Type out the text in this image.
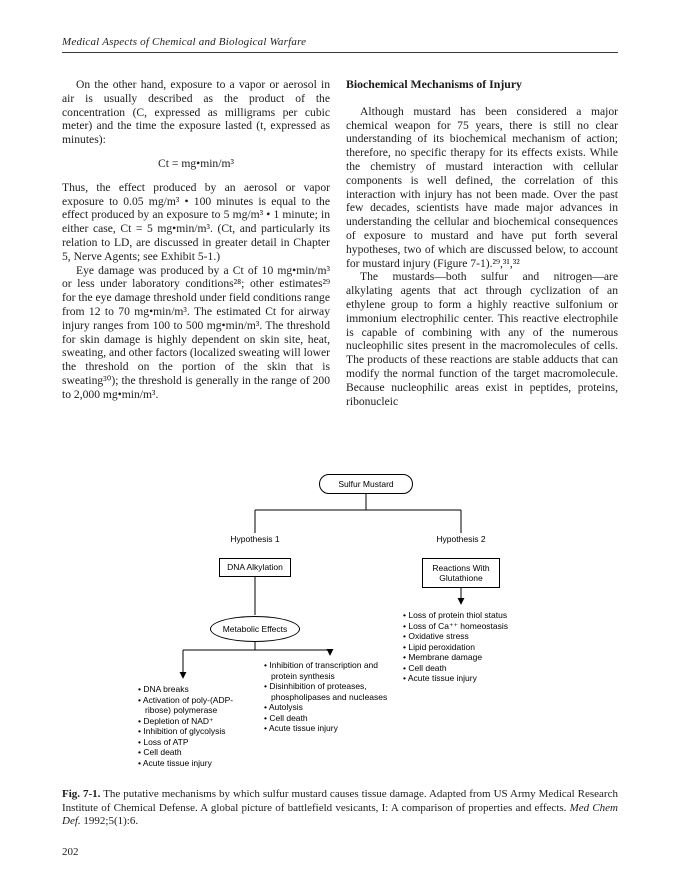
Medical Aspects of Chemical and Biological Warfare

On the other hand, exposure to a vapor or aerosol in air is usually described as the product of the concentration (C, expressed as milligrams per cubic meter) and the time the exposure lasted (t, expressed as minutes):

Ct = mg•min/m³

Thus, the effect produced by an aerosol or vapor exposure to 0.05 mg/m³ • 100 minutes is equal to the effect produced by an exposure to 5 mg/m³ • 1 minute; in either case, Ct = 5 mg•min/m³. (Ct, and particularly its relation to LD, are discussed in greater detail in Chapter 5, Nerve Agents; see Exhibit 5-1.)

Eye damage was produced by a Ct of 10 mg•min/m³ or less under laboratory conditions²⁸; other estimates²⁹ for the eye damage threshold under field conditions range from 12 to 70 mg•min/m³. The estimated Ct for airway injury ranges from 100 to 500 mg•min/m³. The threshold for skin damage is highly dependent on skin site, heat, sweating, and other factors (localized sweating will lower the threshold on the portion of the skin that is sweating³⁰); the threshold is generally in the range of 200 to 2,000 mg•min/m³.

Biochemical Mechanisms of Injury

Although mustard has been considered a major chemical weapon for 75 years, there is still no clear understanding of its biochemical mechanism of action; therefore, no specific therapy for its effects exists. While the chemistry of mustard interaction with cellular components is well defined, the correlation of this interaction with injury has not been made. Over the past few decades, scientists have made major advances in understanding the cellular and biochemical consequences of exposure to mustard and have put forth several hypotheses, two of which are discussed below, to account for mustard injury (Figure 7-1).²⁹,³¹,³²

The mustards—both sulfur and nitrogen—are alkylating agents that act through cyclization of an ethylene group to form a highly reactive sulfonium or immonium electrophilic center. This reactive electrophile is capable of combining with any of the numerous nucleophilic sites present in the macromolecules of cells. The products of these reactions are stable adducts that can modify the normal function of the target macromolecule. Because nucleophilic areas exist in peptides, proteins, ribonucleic

Sulfur Mustard
Hypothesis 1
DNA Alkylation
Hypothesis 2
Reactions With Glutathione
Metabolic Effects
• Loss of protein thiol status
• Loss of Ca⁺⁺ homeostasis
• Oxidative stress
• Lipid peroxidation
• Membrane damage
• Cell death
• Acute tissue injury
• DNA breaks
• Activation of poly-(ADP-ribose) polymerase
• Depletion of NAD⁺
• Inhibition of glycolysis
• Loss of ATP
• Cell death
• Acute tissue injury
• Inhibition of transcription and protein synthesis
• Disinhibition of proteases, phospholipases and nucleases
• Autolysis
• Cell death
• Acute tissue injury

Fig. 7-1. The putative mechanisms by which sulfur mustard causes tissue damage. Adapted from US Army Medical Research Institute of Chemical Defense. A global picture of battlefield vesicants, I: A comparison of properties and effects. Med Chem Def. 1992;5(1):6.

202
